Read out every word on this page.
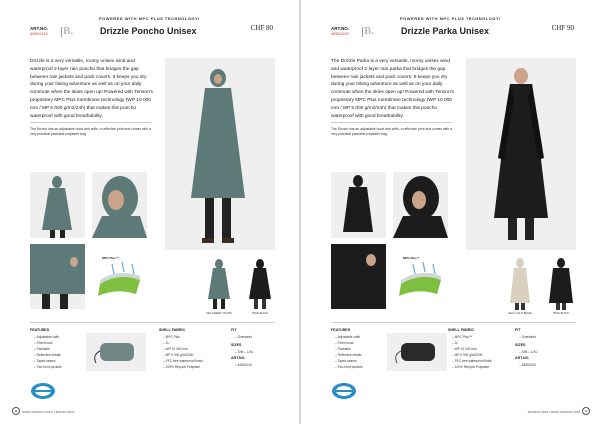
POWERED WITH MPC PLUS TECHNOLOGY!
ART.NO.
46501010 B.	Drizzle Poncho Unisex	CHF 80
Drizzle is a very versatile, roomy unisex wind and waterproof 2-layer rain poncho that bridges the gap between rain jackets and pack covers. It keeps you dry during your hiking adventure as well as on your daily commute when the skies open up! Powered with Tenson's proprietary MPC Plus membrane technology (WP 10 000 mm / MP 5 000 g/m2/24h) that makes this poncho waterproof with good breathability.
The Drizzle has an adjustable hood and cuffs, a reflective print and comes with a very practical packable polyester bag.
MPC Plus™
SEA GREEN / WHITE	TRUE BLACK
FEATURES
– Adjustable cuffs
– Fixed hood
– Packable
– Reflective details
– Taped seams
– Two front pockets
SHELL FABRIC
– MPC Plus
– 2L
– WP 10 000 mm
– MP 5 000 g/m2/24h
– PFC-free waterproof finish
– 100% Recycle Polyester
FIT
– Oversized
SIZES
– S/M – L/XL
ART.NO.
– 46501010
11	WWW.TENSON.COM | TENSON SS22
POWERED WITH MPC PLUS TECHNOLOGY!
ART.NO.
46501020 B.	Drizzle Parka Unisex	CHF 90
The Drizzle Parka is a very versatile, roomy unisex wind and waterproof 2-layer rain parka that bridges the gap between rain jackets and pack covers. It keeps you dry during your hiking adventure as well as on your daily commute when the skies open up! Powered with Tenson's proprietary MPC Plus membrane technology (WP 10 000 mm / MP 5 000 g/m2/24h) that makes this poncho waterproof with good breathability.
The Drizzle has an adjustable hood and cuffs, a reflective print and comes with a very practical packable polyester bag.
MPC Plus™
SEA / LIGHT BEIGE	TRUE BLACK
FEATURES
– Adjustable cuffs
– Fixed hood
– Packable
– Reflective details
– Taped seams
– Two front pockets
SHELL FABRIC
– MPC Plus™
– 2L
– WP 10 000 mm
– MP 5 000 g/m2/24h
– PFC-free waterproof finish
– 100% Recycle Polyester
FIT
– Oversized
SIZES
– S/M – L/XL
ART.NO.
– 46501020
TENSON SS22 | WWW.TENSON.COM	12
